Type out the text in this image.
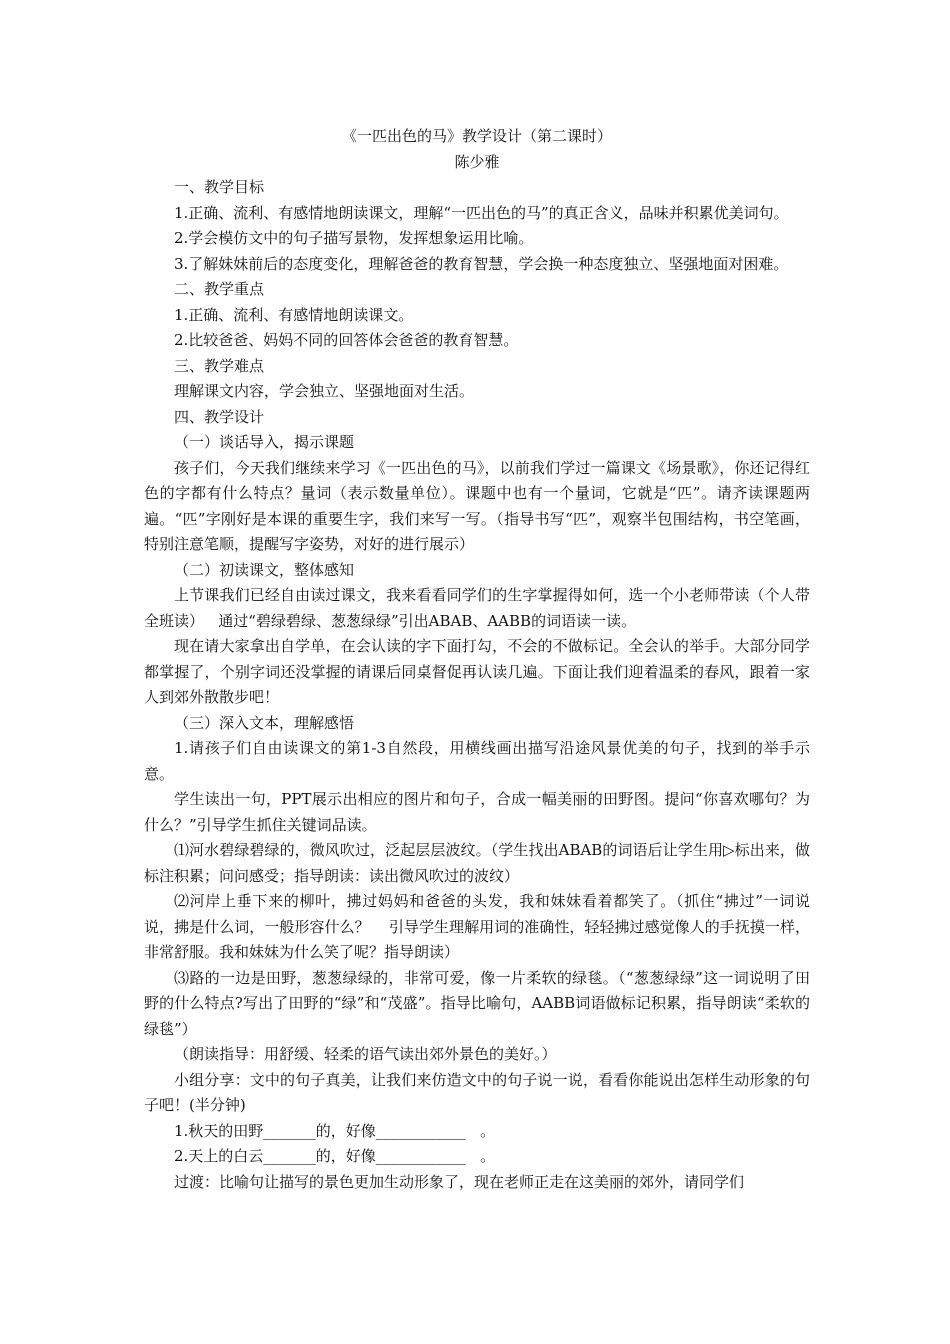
《一匹出色的马》教学设计（第二课时）

陈少雅

一、教学目标

1.正确、流利、有感情地朗读课文，理解“一匹出色的马”的真正含义，品味并积累优美词句。

2.学会模仿文中的句子描写景物，发挥想象运用比喻。

3.了解妹妹前后的态度变化，理解爸爸的教育智慧，学会换一种态度独立、坚强地面对困难。

二、教学重点

1.正确、流利、有感情地朗读课文。

2.比较爸爸、妈妈不同的回答体会爸爸的教育智慧。

三、教学难点

理解课文内容，学会独立、坚强地面对生活。

四、教学设计

（一）谈话导入，揭示课题

孩子们，今天我们继续来学习《一匹出色的马》，以前我们学过一篇课文《场景歌》，你还记得红色的字都有什么特点？量词（表示数量单位）。课题中也有一个量词，它就是“匹”。请齐读课题两遍。“匹”字刚好是本课的重要生字，我们来写一写。（指导书写“匹”，观察半包围结构，书空笔画，特别注意笔顺，提醒写字姿势，对好的进行展示）

（二）初读课文，整体感知

上节课我们已经自由读过课文，我来看看同学们的生字掌握得如何，选一个小老师带读（个人带全班读）   通过“碧绿碧绿、葱葱绿绿”引出ABAB、AABB的词语读一读。

现在请大家拿出自学单，在会认读的字下面打勾，不会的不做标记。全会认的举手。大部分同学都掌握了，个别字词还没掌握的请课后同桌督促再认读几遍。下面让我们迎着温柔的春风，跟着一家人到郊外散散步吧！

（三）深入文本，理解感悟

1.请孩子们自由读课文的第1-3自然段，用横线画出描写沿途风景优美的句子，找到的举手示意。

学生读出一句，PPT展示出相应的图片和句子，合成一幅美丽的田野图。提问“你喜欢哪句？为什么？”引导学生抓住关键词品读。

⑴河水碧绿碧绿的，微风吹过，泛起层层波纹。（学生找出ABAB的词语后让学生用▷标出来，做标注积累；问问感受；指导朗读：读出微风吹过的波纹）

⑵河岸上垂下来的柳叶，拂过妈妈和爸爸的头发，我和妹妹看着都笑了。（抓住“拂过”一词说说，拂是什么词，一般形容什么？    引导学生理解用词的准确性，轻轻拂过感觉像人的手抚摸一样，非常舒服。我和妹妹为什么笑了呢？指导朗读）

⑶路的一边是田野，葱葱绿绿的，非常可爱，像一片柔软的绿毯。（“葱葱绿绿”这一词说明了田野的什么特点?写出了田野的“绿”和“茂盛”。指导比喻句，AABB词语做标记积累，指导朗读“柔软的绿毯”）

（朗读指导：用舒缓、轻柔的语气读出郊外景色的美好。）

小组分享：文中的句子真美，让我们来仿造文中的句子说一说，看看你能说出怎样生动形象的句子吧！(半分钟)

1.秋天的田野_______的，好像____________   。

2.天上的白云_______的，好像____________   。

过渡：比喻句让描写的景色更加生动形象了，现在老师正走在这美丽的郊外，请同学们
